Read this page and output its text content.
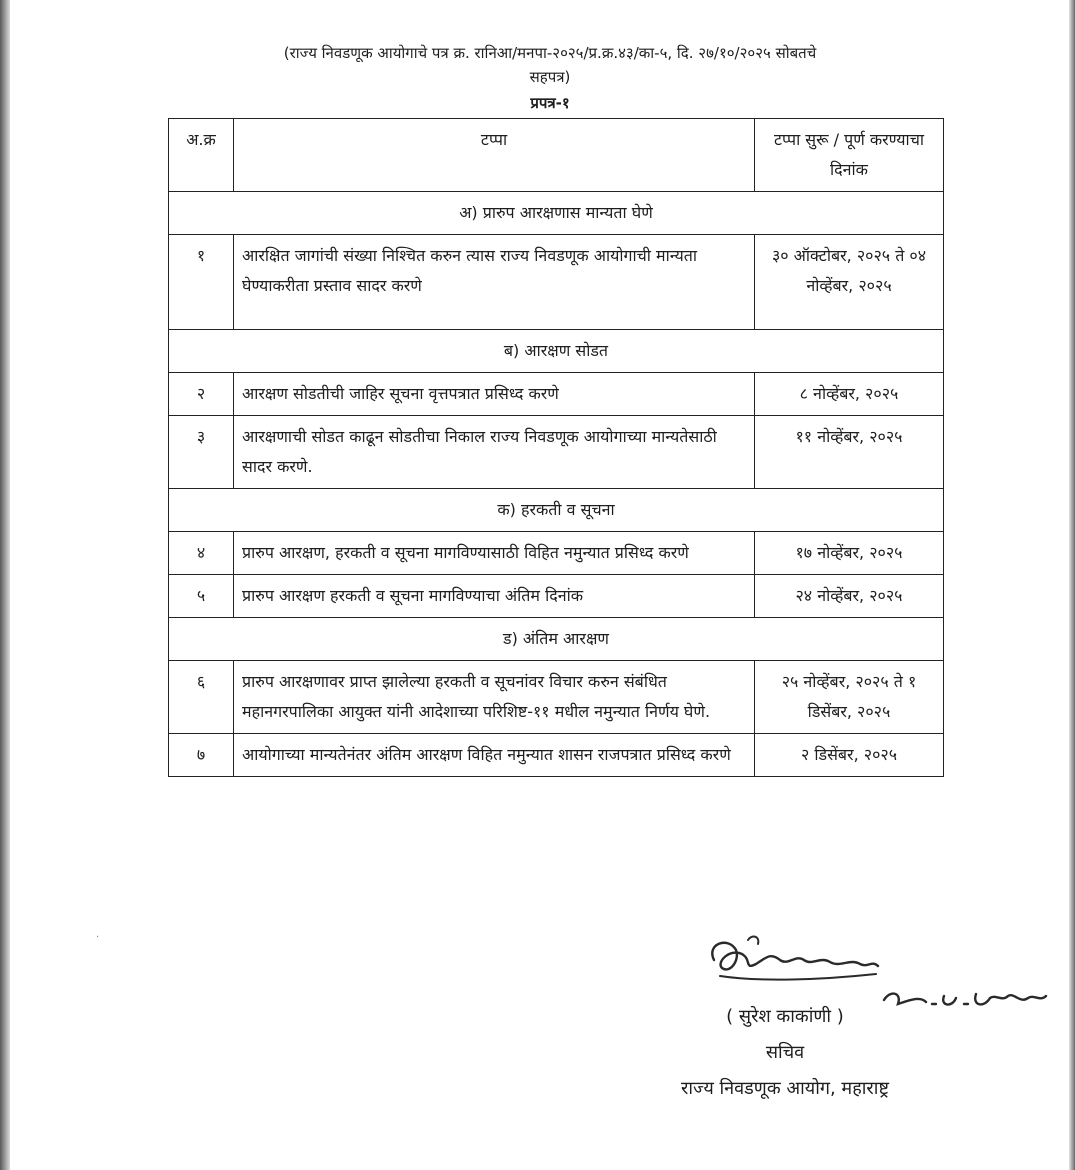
(राज्य निवडणूक आयोगाचे पत्र क्र. रानिआ/मनपा-२०२५/प्र.क्र.४३/का-५, दि. २७/१०/२०२५ सोबतचे
सहपत्र)
प्रपत्र-१
अ.क्र	टप्पा	टप्पा सुरू / पूर्ण करण्याचा दिनांक
अ) प्रारुप आरक्षणास मान्यता घेणे		
१	आरक्षित जागांची संख्या निश्चित करुन त्यास राज्य निवडणूक आयोगाची मान्यता घेण्याकरीता प्रस्ताव सादर करणे	३० ऑक्टोबर, २०२५ ते ०४ नोव्हेंबर, २०२५
ब) आरक्षण सोडत		
२	आरक्षण सोडतीची जाहिर सूचना वृत्तपत्रात प्रसिध्द करणे	८ नोव्हेंबर, २०२५
३	आरक्षणाची सोडत काढून सोडतीचा निकाल राज्य निवडणूक आयोगाच्या मान्यतेसाठी सादर करणे.	११ नोव्हेंबर, २०२५
क) हरकती व सूचना		
४	प्रारुप आरक्षण, हरकती व सूचना मागविण्यासाठी विहित नमुन्यात प्रसिध्द करणे	१७ नोव्हेंबर, २०२५
५	प्रारुप आरक्षण हरकती व सूचना मागविण्याचा अंतिम दिनांक	२४ नोव्हेंबर, २०२५
ड) अंतिम आरक्षण		
६	प्रारुप आरक्षणावर प्राप्त झालेल्या हरकती व सूचनांवर विचार करुन संबंधित महानगरपालिका आयुक्त यांनी आदेशाच्या परिशिष्ट-११ मधील नमुन्यात निर्णय घेणे.	२५ नोव्हेंबर, २०२५ ते १ डिसेंबर, २०२५
७	आयोगाच्या मान्यतेनंतर अंतिम आरक्षण विहित नमुन्यात शासन राजपत्रात प्रसिध्द करणे	२ डिसेंबर, २०२५
·
( सुरेश काकांणी )
सचिव
राज्य निवडणूक आयोग, महाराष्ट्र
